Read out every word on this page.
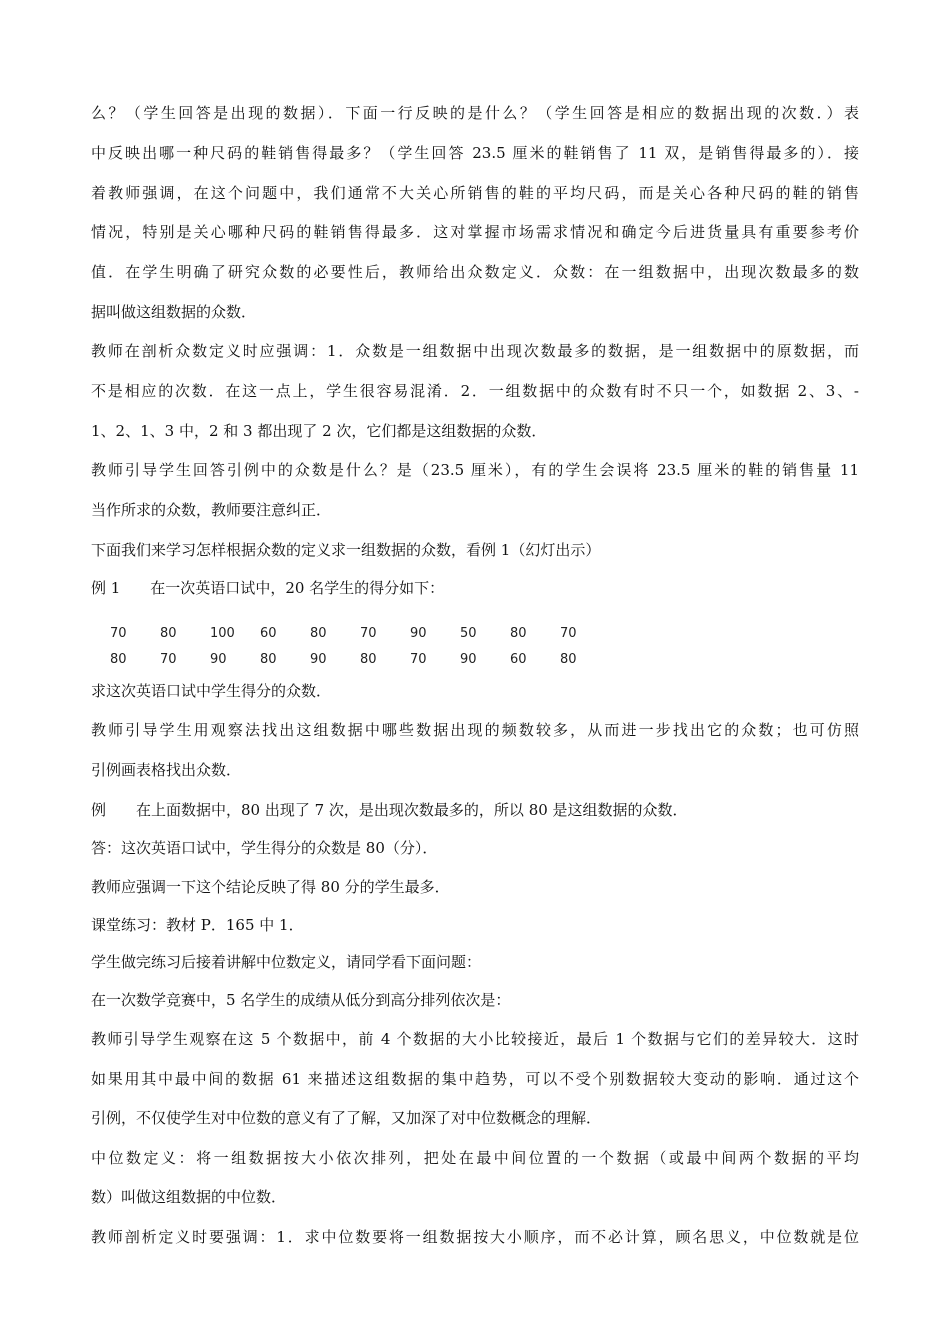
么？（学生回答是出现的数据）．下面一行反映的是什么？（学生回答是相应的数据出现的次数．）表
中反映出哪一种尺码的鞋销售得最多？（学生回答 23.5 厘米的鞋销售了 11 双，是销售得最多的）．接
着教师强调，在这个问题中，我们通常不大关心所销售的鞋的平均尺码，而是关心各种尺码的鞋的销售
情况，特别是关心哪种尺码的鞋销售得最多．这对掌握市场需求情况和确定今后进货量具有重要参考价
值．在学生明确了研究众数的必要性后，教师给出众数定义．众数：在一组数据中，出现次数最多的数
据叫做这组数据的众数．
教师在剖析众数定义时应强调：1．众数是一组数据中出现次数最多的数据，是一组数据中的原数据，而
不是相应的次数．在这一点上，学生很容易混淆．2．一组数据中的众数有时不只一个，如数据 2、3、-
1、2、1、3 中，2 和 3 都出现了 2 次，它们都是这组数据的众数．
教师引导学生回答引例中的众数是什么？是（23.5 厘米），有的学生会误将 23.5 厘米的鞋的销售量 11
当作所求的众数，教师要注意纠正．
下面我们来学习怎样根据众数的定义求一组数据的众数，看例 1（幻灯出示）
例 1　　在一次英语口试中，20 名学生的得分如下：
求这次英语口试中学生得分的众数．
教师引导学生用观察法找出这组数据中哪些数据出现的频数较多，从而进一步找出它的众数；也可仿照
引例画表格找出众数．
例　　在上面数据中，80 出现了 7 次，是出现次数最多的，所以 80 是这组数据的众数．
答：这次英语口试中，学生得分的众数是 80（分）．
教师应强调一下这个结论反映了得 80 分的学生最多．
课堂练习：教材 P．165 中 1．
学生做完练习后接着讲解中位数定义，请同学看下面问题：
在一次数学竞赛中，5 名学生的成绩从低分到高分排列依次是：
教师引导学生观察在这 5 个数据中，前 4 个数据的大小比较接近，最后 1 个数据与它们的差异较大．这时
如果用其中最中间的数据 61 来描述这组数据的集中趋势，可以不受个别数据较大变动的影响．通过这个
引例，不仅使学生对中位数的意义有了了解，又加深了对中位数概念的理解．
中位数定义：将一组数据按大小依次排列，把处在最中间位置的一个数据（或最中间两个数据的平均
数）叫做这组数据的中位数．
教师剖析定义时要强调：1．求中位数要将一组数据按大小顺序，而不必计算，顾名思义，中位数就是位
70	80	100	60	80	70	90	50	80	70
80	70	90	80	90	80	70	90	60	80
